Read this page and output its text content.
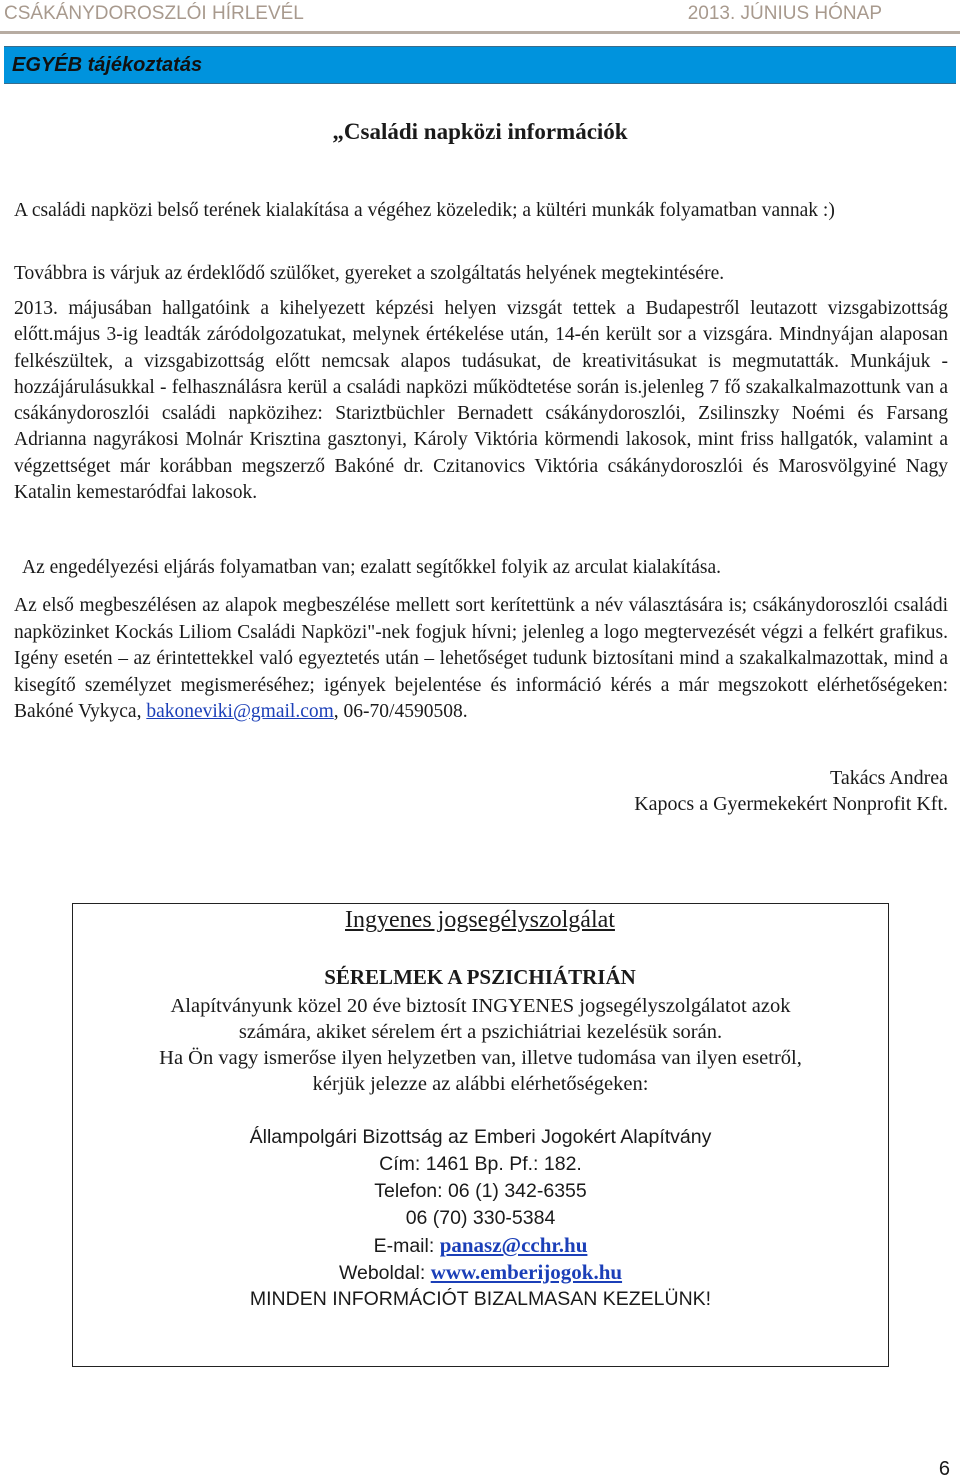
CSÁKÁNYDOROSZLÓI HÍRLEVÉL	2013. JÚNIUS HÓNAP
EGYÉB tájékoztatás
„Családi napközi információk
A családi napközi belső terének kialakítása a végéhez közeledik; a kültéri munkák folyamatban vannak :)
Továbbra is várjuk az érdeklődő szülőket, gyereket a szolgáltatás helyének megtekintésére.
2013. májusában hallgatóink a kihelyezett képzési helyen vizsgát tettek a Budapestről leutazott vizsgabizottság előtt.május 3-ig leadták záródolgozatukat, melynek értékelése után, 14-én került sor a vizsgára. Mindnyájan alaposan felkészültek, a vizsgabizottság előtt nemcsak alapos tudásukat, de kreativitásukat is megmutatták. Munkájuk - hozzájárulásukkal - felhasználásra kerül a családi napközi működtetése során is.jelenleg 7 fő szakalkalmazottunk van a csákánydoroszlói családi napközihez: Stariztbüchler Bernadett csákánydoroszlói, Zsilinszky Noémi és Farsang Adrianna nagyrákosi Molnár Krisztina gasztonyi, Károly Viktória körmendi lakosok, mint friss hallgatók, valamint a végzettséget már korábban megszerző Bakóné dr. Czitanovics Viktória csákánydoroszlói és Marosvölgyiné Nagy Katalin kemestaródfai lakosok.
Az engedélyezési eljárás folyamatban van; ezalatt segítőkkel folyik az arculat kialakítása.
Az első megbeszélésen az alapok megbeszélése mellett sort kerítettünk a név választására is; csákánydoroszlói családi napközinket Kockás Liliom Családi Napközi"-nek fogjuk hívni; jelenleg a logo megtervezését végzi a felkért grafikus. Igény esetén – az érintettekkel való egyeztetés után – lehetőséget tudunk biztosítani mind a szakalkalmazottak, mind a kisegítő személyzet megismeréséhez; igények bejelentése és információ kérés a már megszokott elérhetőségeken: Bakóné Vykyca, bakoneviki@gmail.com, 06-70/4590508.
Takács Andrea
Kapocs a Gyermekekért Nonprofit Kft.
Ingyenes jogsegélyszolgálat
SÉRELMEK A PSZICHIÁTRIÁN
Alapítványunk közel 20 éve biztosít INGYENES jogsegélyszolgálatot azok
számára, akiket sérelem ért a pszichiátriai kezelésük során.
Ha Ön vagy ismerőse ilyen helyzetben van, illetve tudomása van ilyen esetről,
kérjük jelezze az alábbi elérhetőségeken:
Állampolgári Bizottság az Emberi Jogokért Alapítvány
Cím: 1461 Bp. Pf.: 182.
Telefon: 06 (1) 342-6355
06 (70) 330-5384
E-mail: panasz@cchr.hu
Weboldal: www.emberijogok.hu
MINDEN INFORMÁCIÓT BIZALMASAN KEZELÜNK!
6
